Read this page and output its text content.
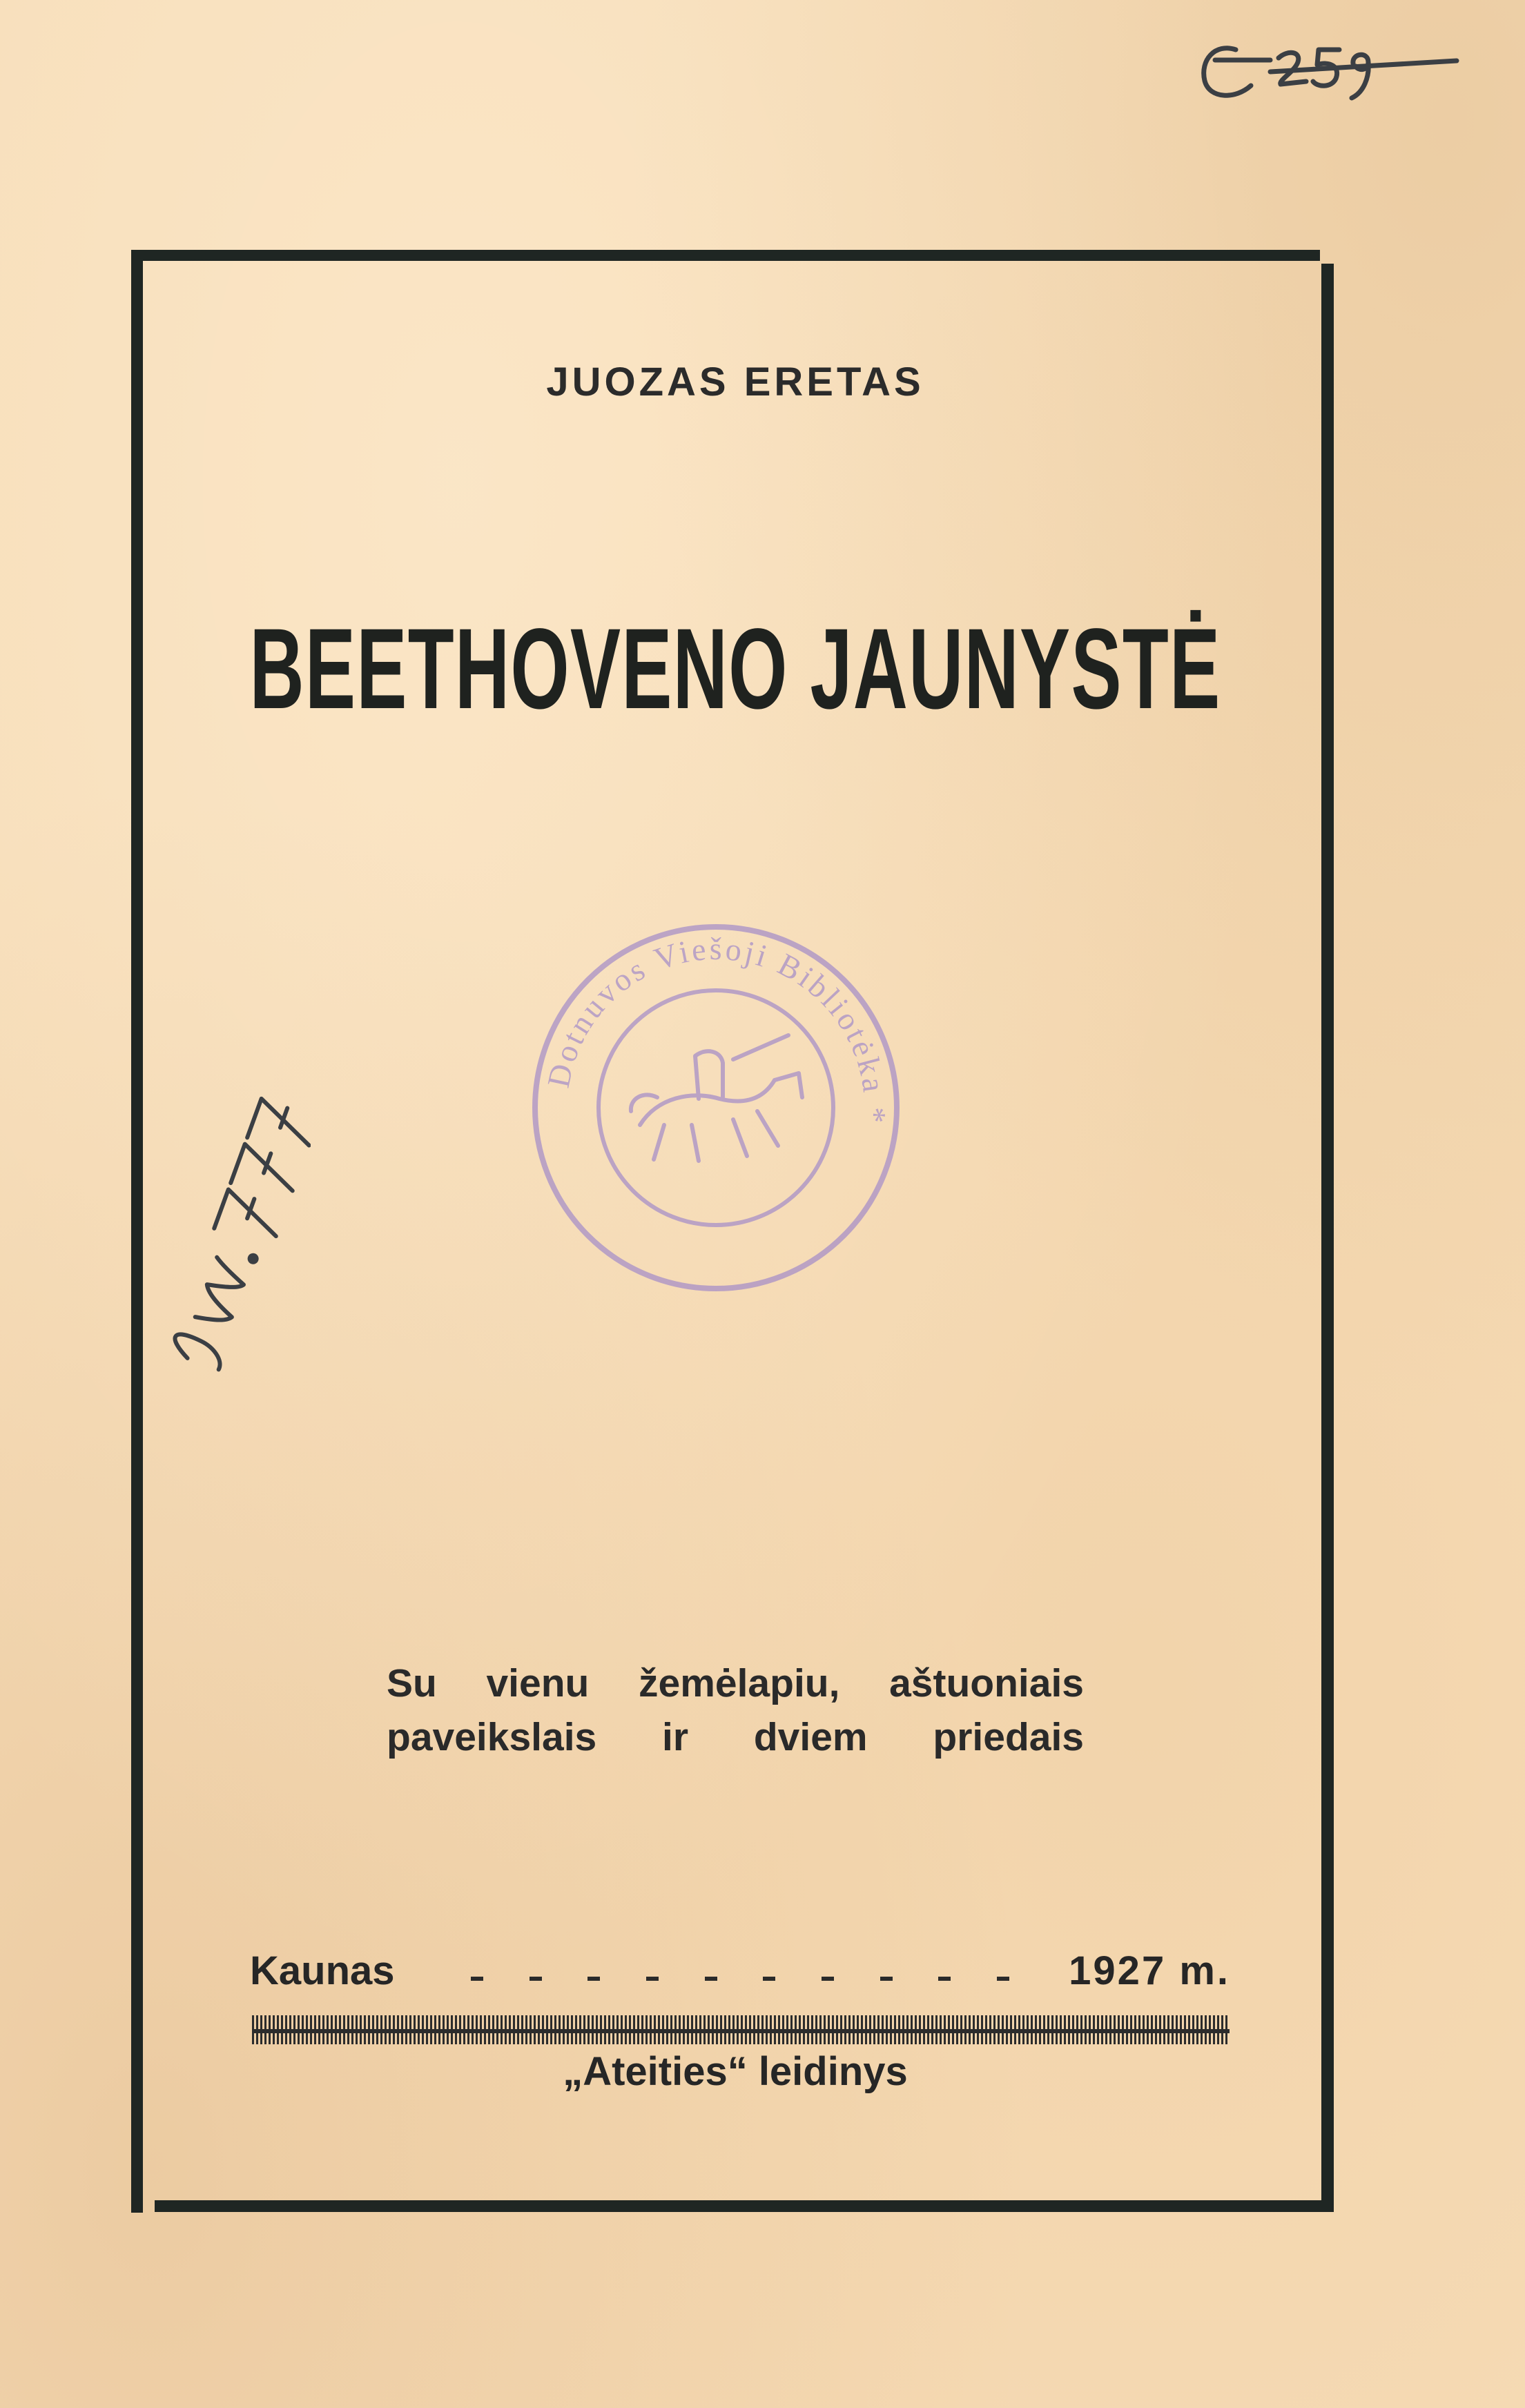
JUOZAS ERETAS
BEETHOVENO JAUNYSTĖ
Dotnuvos Viešoji Bibliotėka *
Su vienu žemėlapiu, aštuoniais
paveikslais ir dviem priedais
Kaunas	1927 m.
„Ateities“ leidinys
